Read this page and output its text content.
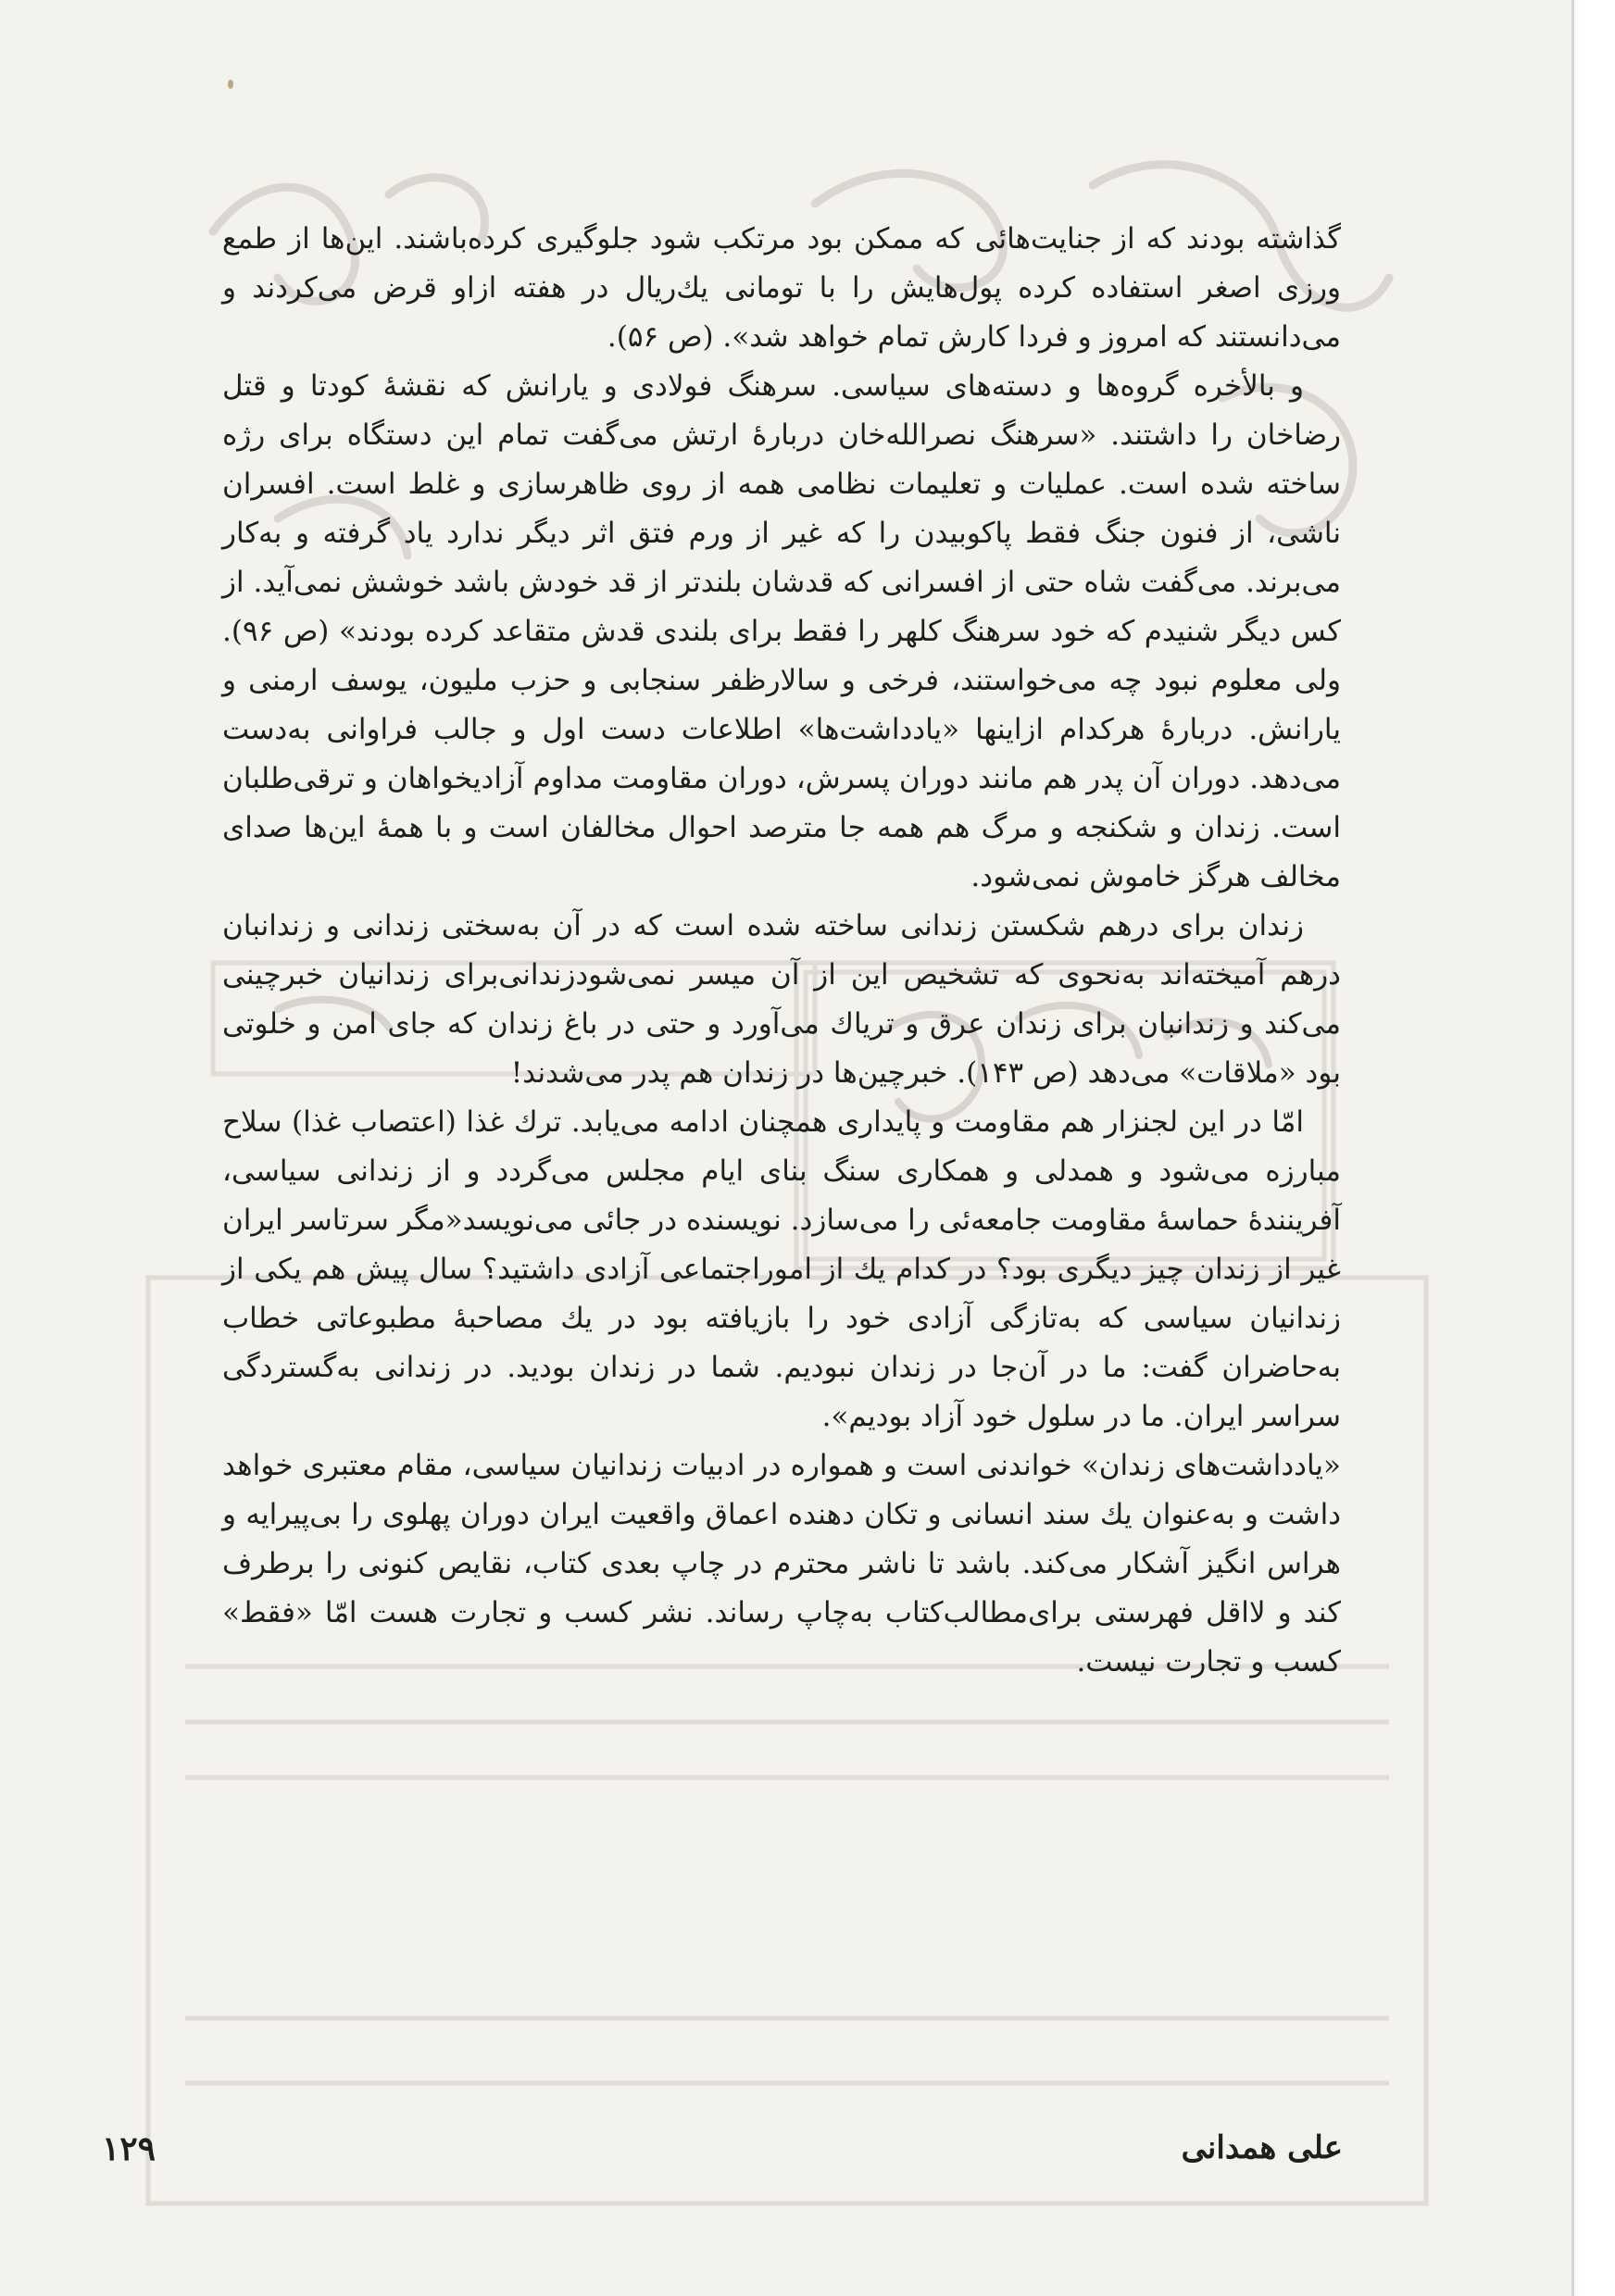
گذاشته بودند که از جنایت‌هائی که ممکن بود مرتکب شود جلوگیری کرده‌باشند. این‌ها از طمع ورزی اصغر استفاده کرده پول‌هایش را با تومانی یك‌ریال در هفته ازاو قرض می‌کردند و می‌دانستند که امروز و فردا کارش تمام خواهد شد». (ص ۵۶).

و بالأخره گروه‌ها و دسته‌های سیاسی. سرهنگ فولادی و یارانش که نقشهٔ کودتا و قتل رضاخان را داشتند. «سرهنگ نصرالله‌خان دربارهٔ ارتش می‌گفت تمام این دستگاه برای رژه ساخته شده است. عملیات و تعلیمات نظامی همه از روی ظاهرسازی و غلط است. افسران ناشی، از فنون جنگ فقط پاکوبیدن را که غیر از ورم فتق اثر دیگر ندارد یاد گرفته و به‌کار می‌برند. می‌گفت شاه حتی از افسرانی که قدشان بلندتر از قد خودش باشد خوشش نمی‌آید. از کس دیگر شنیدم که خود سرهنگ کلهر را فقط برای بلندی قدش متقاعد کرده بودند» (ص ۹۶). ولی معلوم نبود چه می‌خواستند، فرخی و سالارظفر سنجابی و حزب ملیون، یوسف ارمنی و یارانش. دربارهٔ هرکدام ازاینها «یادداشت‌ها» اطلاعات دست اول و جالب فراوانی به‌دست می‌دهد. دوران آن پدر هم مانند دوران پسرش، دوران مقاومت مداوم آزادیخواهان و ترقی‌طلبان است. زندان و شکنجه و مرگ هم همه جا مترصد احوال مخالفان است و با همهٔ این‌ها صدای مخالف هرگز خاموش نمی‌شود.

زندان برای درهم شکستن زندانی ساخته شده است که در آن به‌سختی زندانی و زندانبان درهم آمیخته‌اند به‌نحوی که تشخیص این از آن میسر نمی‌شودزندانی‌برای زندانیان خبرچینی می‌کند و زندانبان برای زندان عرق و تریاك می‌آورد و حتی در باغ زندان که جای امن و خلوتی بود «ملاقات» می‌دهد (ص ۱۴۳). خبرچین‌ها در زندان هم پدر می‌شدند!

امّا در این لجنزار هم مقاومت و پایداری همچنان ادامه می‌یابد. ترك غذا (اعتصاب غذا) سلاح مبارزه می‌شود و همدلی و همکاری سنگ بنای ایام مجلس می‌گردد و از زندانی سیاسی، آفرینندهٔ حماسهٔ مقاومت جامعه‌ئی را می‌سازد. نویسنده در جائی می‌نویسد«مگر سرتاسر ایران غیر از زندان چیز دیگری بود؟ در کدام یك از اموراجتماعی آزادی داشتید؟ سال پیش هم یکی از زندانیان سیاسی که به‌تازگی آزادی خود را بازیافته بود در یك مصاحبهٔ مطبوعاتی خطاب به‌حاضران گفت: ما در آن‌جا در زندان نبودیم. شما در زندان بودید. در زندانی به‌گستردگی سراسر ایران. ما در سلول خود آزاد بودیم».

«یادداشت‌های زندان» خواندنی است و همواره در ادبیات زندانیان سیاسی، مقام معتبری خواهد داشت و به‌عنوان یك سند انسانی و تکان دهنده اعماق واقعیت ایران دوران پهلوی را بی‌پیرایه و هراس انگیز آشکار می‌کند. باشد تا ناشر محترم در چاپ بعدی کتاب، نقایص کنونی را برطرف کند و لااقل فهرستی برای‌مطالب‌کتاب به‌چاپ رساند. نشر کسب و تجارت هست امّا «فقط» کسب و تجارت نیست.

علی همدانی
۱۲۹
